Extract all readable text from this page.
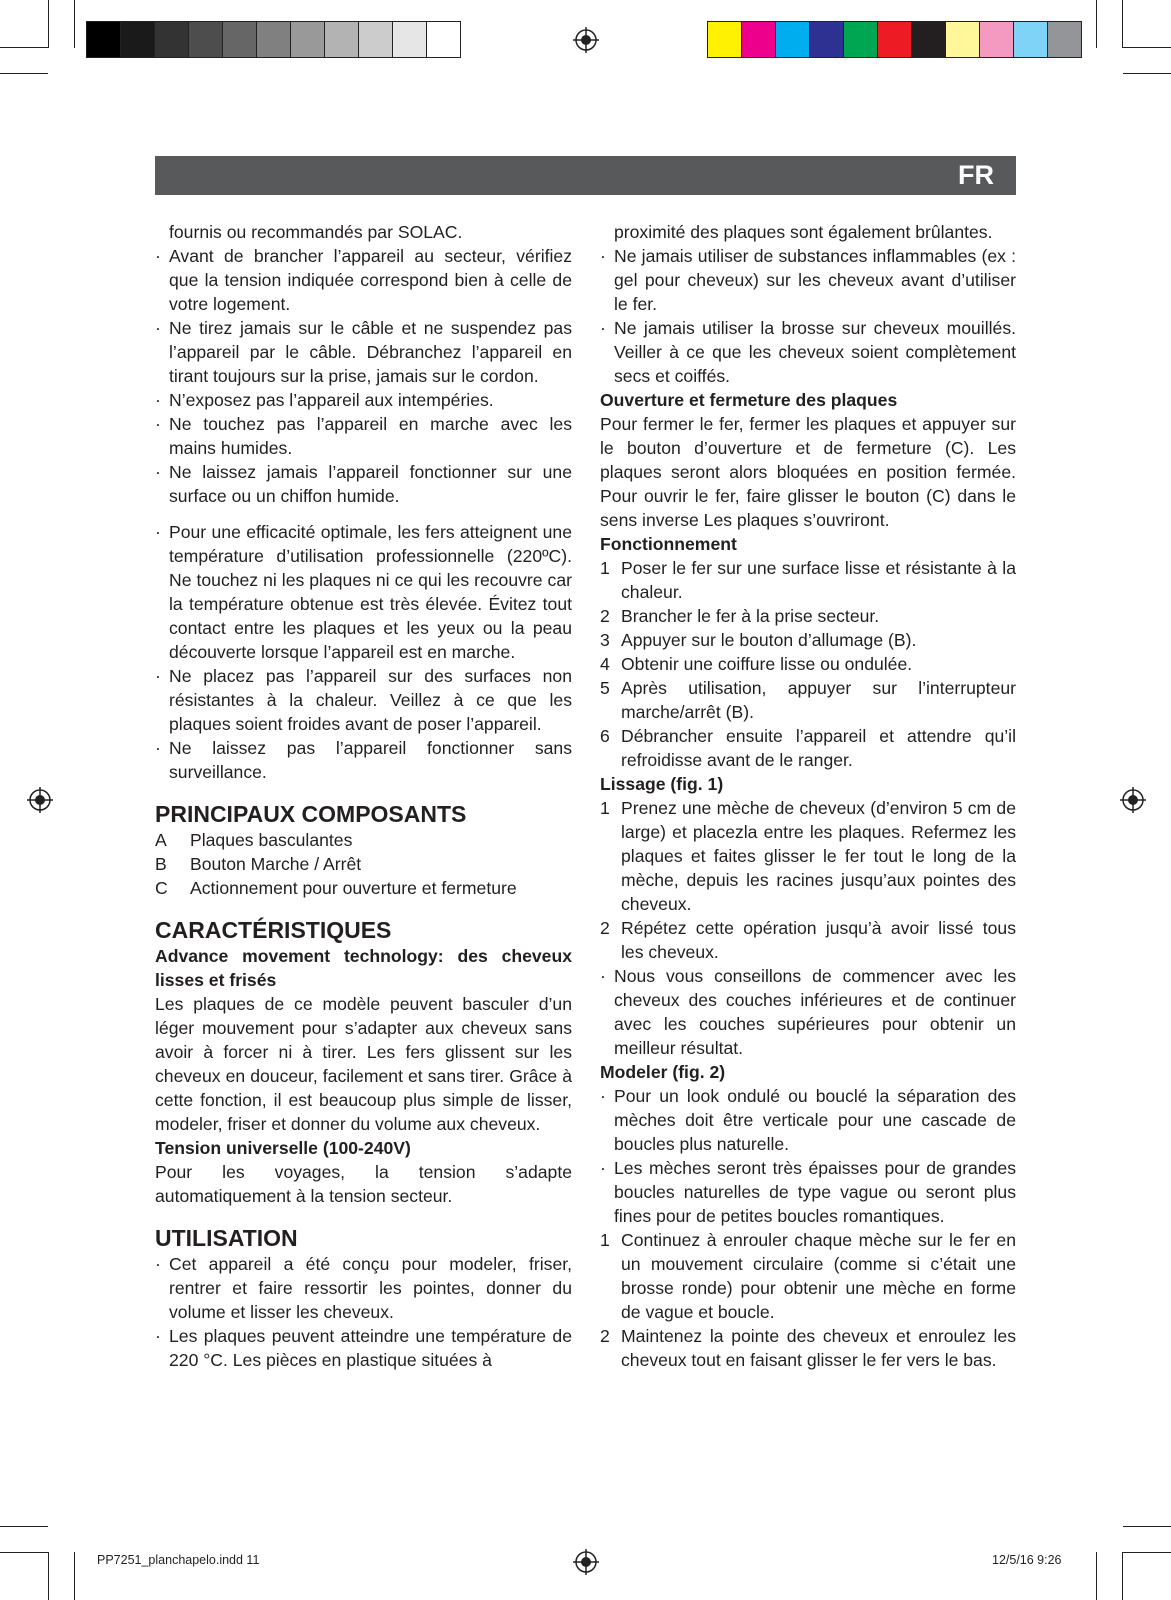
FR

fournis ou recommandés par SOLAC.

· Avant de brancher l’appareil au secteur, vérifiez que la tension indiquée correspond bien à celle de votre logement.
· Ne tirez jamais sur le câble et ne suspendez pas l’appareil par le câble. Débranchez l’appareil en tirant toujours sur la prise, jamais sur le cordon.
· N’exposez pas l’appareil aux intempéries.
· Ne touchez pas l’appareil en marche avec les mains humides.
· Ne laissez jamais l’appareil fonctionner sur une surface ou un chiffon humide.
· Pour une efficacité optimale, les fers atteignent une température d’utilisation professionnelle (220ºC). Ne touchez ni les plaques ni ce qui les recouvre car la température obtenue est très élevée. Évitez tout contact entre les plaques et les yeux ou la peau découverte lorsque l’appareil est en marche.
· Ne placez pas l’appareil sur des surfaces non résistantes à la chaleur. Veillez à ce que les plaques soient froides avant de poser l’appareil.
· Ne laissez pas l’appareil fonctionner sans surveillance.
PRINCIPAUX COMPOSANTS
A	Plaques basculantes
B	Bouton Marche / Arrêt
C	Actionnement pour ouverture et fermeture
CARACTÉRISTIQUES

Advance movement technology: des cheveux lisses et frisés

Les plaques de ce modèle peuvent basculer d’un léger mouvement pour s’adapter aux cheveux sans avoir à forcer ni à tirer. Les fers glissent sur les cheveux en douceur, facilement et sans tirer. Grâce à cette fonction, il est beaucoup plus simple de lisser, modeler, friser et donner du volume aux cheveux.

Tension universelle (100-240V)

Pour les voyages, la tension s’adapte automatiquement à la tension secteur.

UTILISATION
· Cet appareil a été conçu pour modeler, friser, rentrer et faire ressortir les pointes, donner du volume et lisser les cheveux.
· Les plaques peuvent atteindre une température de 220 °C. Les pièces en plastique situées à

proximité des plaques sont également brûlantes.

· Ne jamais utiliser de substances inflammables (ex : gel pour cheveux) sur les cheveux avant d’utiliser le fer.
· Ne jamais utiliser la brosse sur cheveux mouillés. Veiller à ce que les cheveux soient complètement secs et coiffés.

Ouverture et fermeture des plaques

Pour fermer le fer, fermer les plaques et appuyer sur le bouton d’ouverture et de fermeture (C). Les plaques seront alors bloquées en position fermée. Pour ouvrir le fer, faire glisser le bouton (C) dans le sens inverse Les plaques s’ouvriront.

Fonctionnement

1 Poser le fer sur une surface lisse et résistante à la chaleur.
2 Brancher le fer à la prise secteur.
3 Appuyer sur le bouton d’allumage (B).
4 Obtenir une coiffure lisse ou ondulée.
5 Après utilisation, appuyer sur l’interrupteur marche/arrêt (B).
6 Débrancher ensuite l’appareil et attendre qu’il refroidisse avant de le ranger.

Lissage (fig. 1)

1 Prenez une mèche de cheveux (d’environ 5 cm de large) et placezla entre les plaques. Refermez les plaques et faites glisser le fer tout le long de la mèche, depuis les racines jusqu’aux pointes des cheveux.
2 Répétez cette opération jusqu’à avoir lissé tous les cheveux.
· Nous vous conseillons de commencer avec les cheveux des couches inférieures et de continuer avec les couches supérieures pour obtenir un meilleur résultat.

Modeler (fig. 2)

· Pour un look ondulé ou bouclé la séparation des mèches doit être verticale pour une cascade de boucles plus naturelle.
· Les mèches seront très épaisses pour de grandes boucles naturelles de type vague ou seront plus fines pour de petites boucles romantiques.
1 Continuez à enrouler chaque mèche sur le fer en un mouvement circulaire (comme si c’était une brosse ronde) pour obtenir une mèche en forme de vague et boucle.
2 Maintenez la pointe des cheveux et enroulez les cheveux tout en faisant glisser le fer vers le bas.
PP7251_planchapelo.indd 11	12/5/16 9:26
